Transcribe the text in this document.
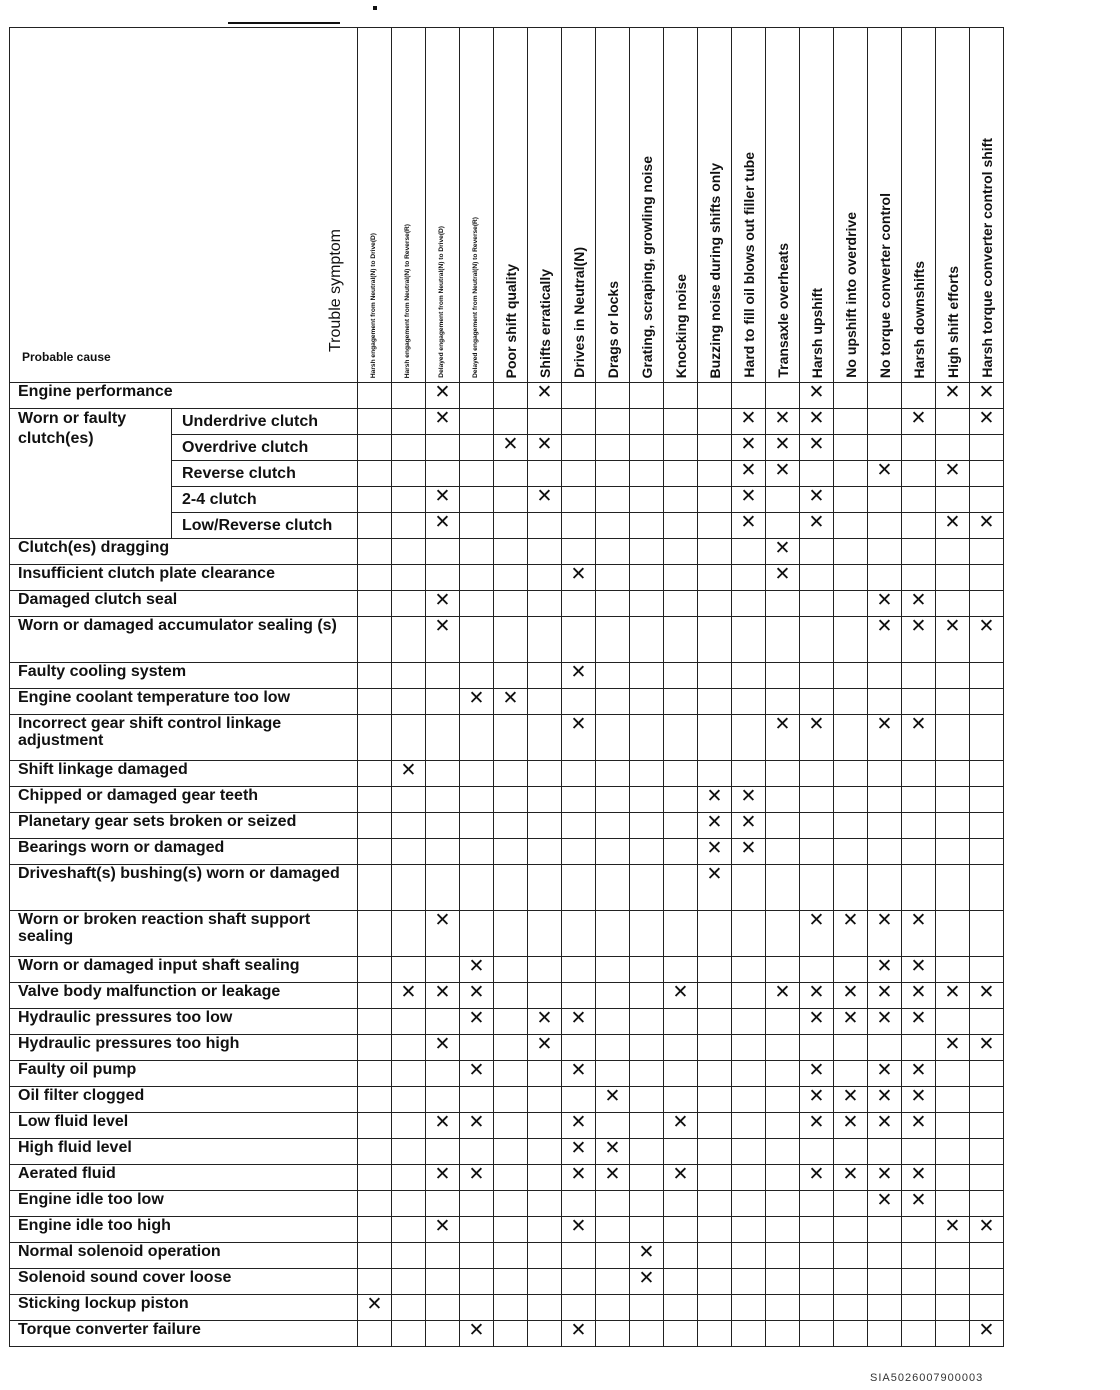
Probable cause
Trouble symptom		Harsh engagement from Neutral(N) to Drive(D)	Harsh engagement from Neutral(N) to Reverse(R)	Delayed engagement from Neutral(N) to Drive(D)	Delayed engagement from Neutral(N) to Reverse(R)	Poor shift quality	Shifts erratically	Drives in Neutral(N)	Drags or locks	Grating, scraping, growling noise	Knocking noise	Buzzing noise during shifts only	Hard to fill oil blows out filler tube	Transaxle overheats	Harsh upshift	No upshift into overdrive	No torque converter control	Harsh downshifts	High shift efforts	Harsh torque converter control shift

Engine performance				✕			✕								✕				✕	✕
Worn or faulty clutch(es)	Underdrive clutch			✕									✕	✕	✕			✕		✕
	Overdrive clutch					✕	✕						✕	✕	✕					
	Reverse clutch												✕	✕			✕		✕	
	2-4 clutch			✕			✕						✕		✕					
	Low/Reverse clutch			✕									✕		✕				✕	✕
Clutch(es) dragging														✕						
Insufficient clutch plate clearance								✕						✕						
Damaged clutch seal				✕													✕	✕		
Worn or damaged accumulator sealing (s)				✕													✕	✕	✕	✕
Faulty cooling system								✕												
Engine coolant temperature too low					✕	✕														
Incorrect gear shift control linkage adjustment								✕						✕	✕		✕	✕		
Shift linkage damaged			✕																	
Chipped or damaged gear teeth												✕	✕							
Planetary gear sets broken or seized												✕	✕							
Bearings worn or damaged												✕	✕							
Driveshaft(s) bushing(s) worn or damaged												✕								
Worn or broken reaction shaft support sealing				✕											✕	✕	✕	✕		
Worn or damaged input shaft sealing					✕												✕	✕		
Valve body malfunction or leakage			✕	✕	✕						✕			✕	✕	✕	✕	✕	✕	✕
Hydraulic pressures too low					✕		✕	✕							✕	✕	✕	✕		
Hydraulic pressures too high				✕			✕												✕	✕
Faulty oil pump					✕			✕							✕		✕	✕		
Oil filter clogged									✕						✕	✕	✕	✕		
Low fluid level				✕	✕			✕			✕				✕	✕	✕	✕		
High fluid level								✕	✕											
Aerated fluid				✕	✕			✕	✕		✕				✕	✕	✕	✕		
Engine idle too low																	✕	✕		
Engine idle too high				✕				✕											✕	✕
Normal solenoid operation										✕										
Solenoid sound cover loose										✕										
Sticking lockup piston		✕																		
Torque converter failure					✕			✕												✕
SIA5026007900003
